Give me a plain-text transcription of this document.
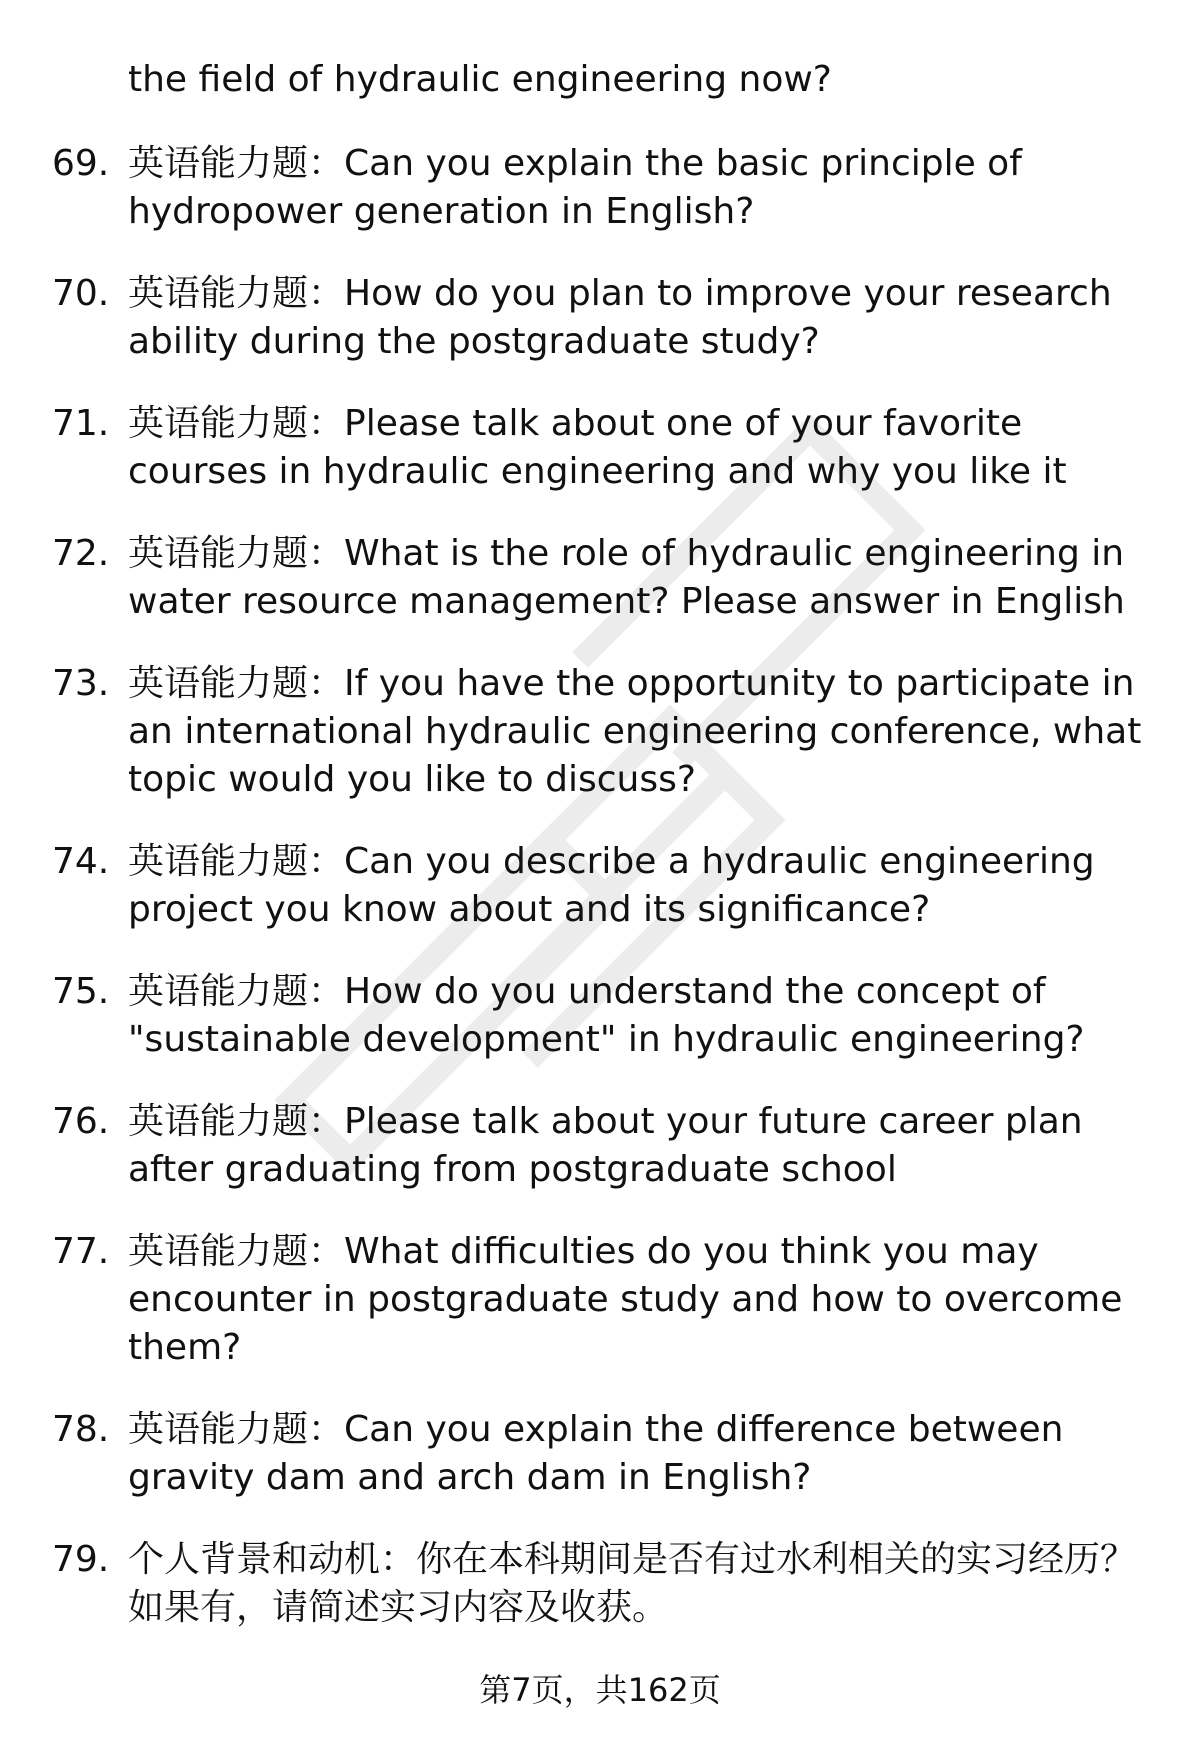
the field of hydraulic engineering now?
69. 英语能力题：Can you explain the basic principle of hydropower generation in English?
70. 英语能力题：How do you plan to improve your research ability during the postgraduate study?
71. 英语能力题：Please talk about one of your favorite courses in hydraulic engineering and why you like it
72. 英语能力题：What is the role of hydraulic engineering in water resource management? Please answer in English
73. 英语能力题：If you have the opportunity to participate in an international hydraulic engineering conference, what topic would you like to discuss?
74. 英语能力题：Can you describe a hydraulic engineering project you know about and its significance?
75. 英语能力题：How do you understand the concept of "sustainable development" in hydraulic engineering?
76. 英语能力题：Please talk about your future career plan after graduating from postgraduate school
77. 英语能力题：What difficulties do you think you may encounter in postgraduate study and how to overcome them?
78. 英语能力题：Can you explain the difference between gravity dam and arch dam in English?
79. 个人背景和动机：你在本科期间是否有过水利相关的实习经历？如果有，请简述实习内容及收获。
第7页，共162页
